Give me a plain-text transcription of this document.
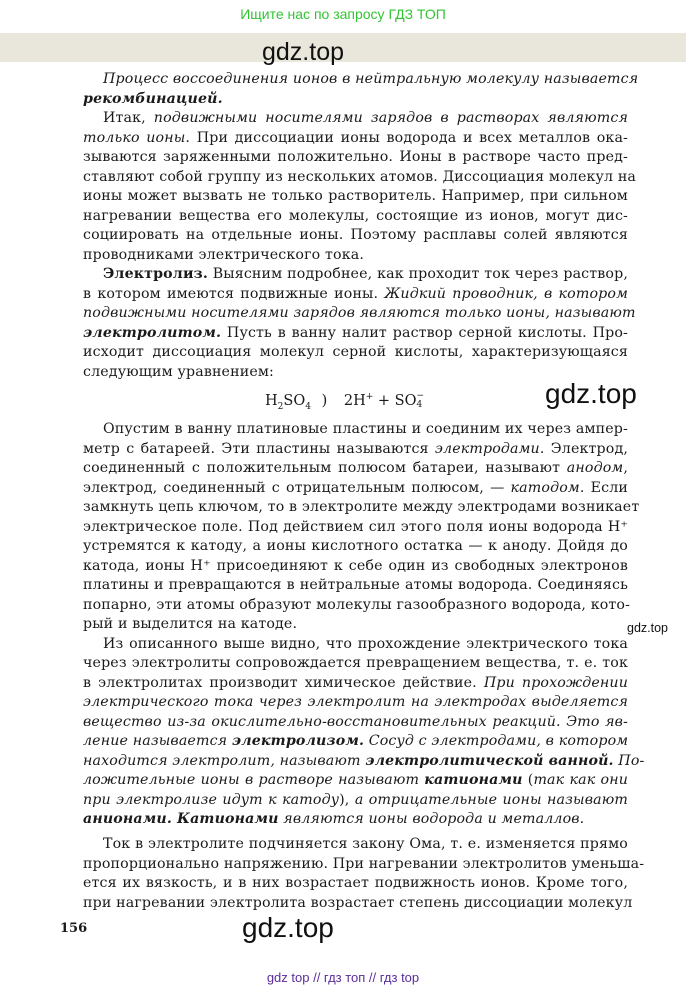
Ищите нас по запросу ГДЗ ТОП
gdz.top
Процесс воссоединения ионов в нейтральную молекулу называется
рекомбинацией.
Итак, подвижными носителями зарядов в растворах являются
только ионы. При диссоциации ионы водорода и всех металлов ока-
зываются заряженными положительно. Ионы в растворе часто пред-
ставляют собой группу из нескольких атомов. Диссоциация молекул на
ионы может вызвать не только растворитель. Например, при сильном
нагревании вещества его молекулы, состоящие из ионов, могут дис-
социировать на отдельные ионы. Поэтому расплавы солей являются
проводниками электрического тока.
Электролиз. Выясним подробнее, как проходит ток через раствор,
в котором имеются подвижные ионы. Жидкий проводник, в котором
подвижными носителями зарядов являются только ионы, называют
электролитом. Пусть в ванну налит раствор серной кислоты. Про-
исходит диссоциация молекул серной кислоты, характеризующаяся
следующим уравнением:
Опустим в ванну платиновые пластины и соединим их через ампер-
метр с батареей. Эти пластины называются электродами. Электрод,
соединенный с положительным полюсом батареи, называют анодом,
электрод, соединенный с отрицательным полюсом, — катодом. Если
замкнуть цепь ключом, то в электролите между электродами возникает
электрическое поле. Под действием сил этого поля ионы водорода H⁺
устремятся к катоду, а ионы кислотного остатка — к аноду. Дойдя до
катода, ионы H⁺ присоединяют к себе один из свободных электронов
платины и превращаются в нейтральные атомы водорода. Соединяясь
попарно, эти атомы образуют молекулы газообразного водорода, кото-
рый и выделится на катоде.
Из описанного выше видно, что прохождение электрического тока
через электролиты сопровождается превращением вещества, т. е. ток
в электролитах производит химическое действие. При прохождении
электрического тока через электролит на электродах выделяется
вещество из-за окислительно-восстановительных реакций. Это яв-
ление называется электролизом. Сосуд с электродами, в котором
находится электролит, называют электролитической ванной. По-
ложительные ионы в растворе называют катионами (так как они
при электролизе идут к катоду), а отрицательные ионы называют
анионами. Катионами являются ионы водорода и металлов.
Ток в электролите подчиняется закону Ома, т. е. изменяется прямо
пропорционально напряжению. При нагревании электролитов уменьша-
ется их вязкость, и в них возрастает подвижность ионов. Кроме того,
при нагревании электролита возрастает степень диссоциации молекул
$H_2SO_4$ ) 2H+ + SO −
4	gdz.top
gdz.top
156	gdz.top
gdz top // гдз топ // гдз top
